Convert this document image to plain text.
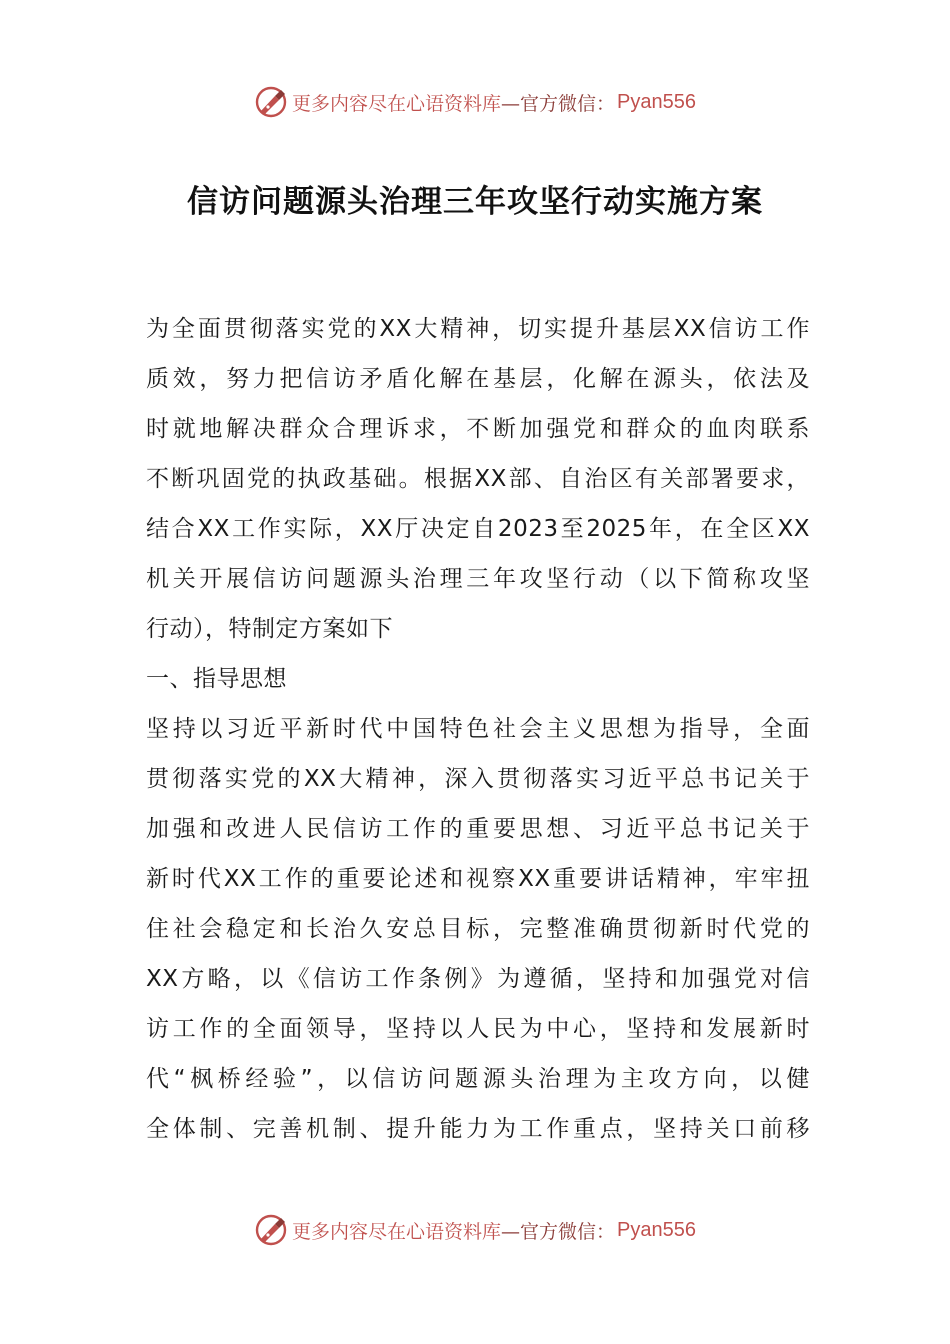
更多内容尽在心语资料库 —官方微信： Pyan556
信访问题源头治理三年攻坚行动实施方案
为全面贯彻落实党的XX大精神，切实提升基层XX信访工作
质效，努力把信访矛盾化解在基层，化解在源头，依法及
时就地解决群众合理诉求，不断加强党和群众的血肉联系
不断巩固党的执政基础。根据XX部、自治区有关部署要求，
结合XX工作实际，XX厅决定自2023至2025年，在全区XX
机关开展信访问题源头治理三年攻坚行动（以下简称攻坚
行动），特制定方案如下
一、指导思想
坚持以习近平新时代中国特色社会主义思想为指导，全面
贯彻落实党的XX大精神，深入贯彻落实习近平总书记关于
加强和改进人民信访工作的重要思想、习近平总书记关于
新时代XX工作的重要论述和视察XX重要讲话精神，牢牢扭
住社会稳定和长治久安总目标，完整准确贯彻新时代党的
XX方略，以《信访工作条例》为遵循，坚持和加强党对信
访工作的全面领导，坚持以人民为中心，坚持和发展新时
代“枫桥经验”，以信访问题源头治理为主攻方向，以健
全体制、完善机制、提升能力为工作重点，坚持关口前移
更多内容尽在心语资料库 —官方微信： Pyan556
